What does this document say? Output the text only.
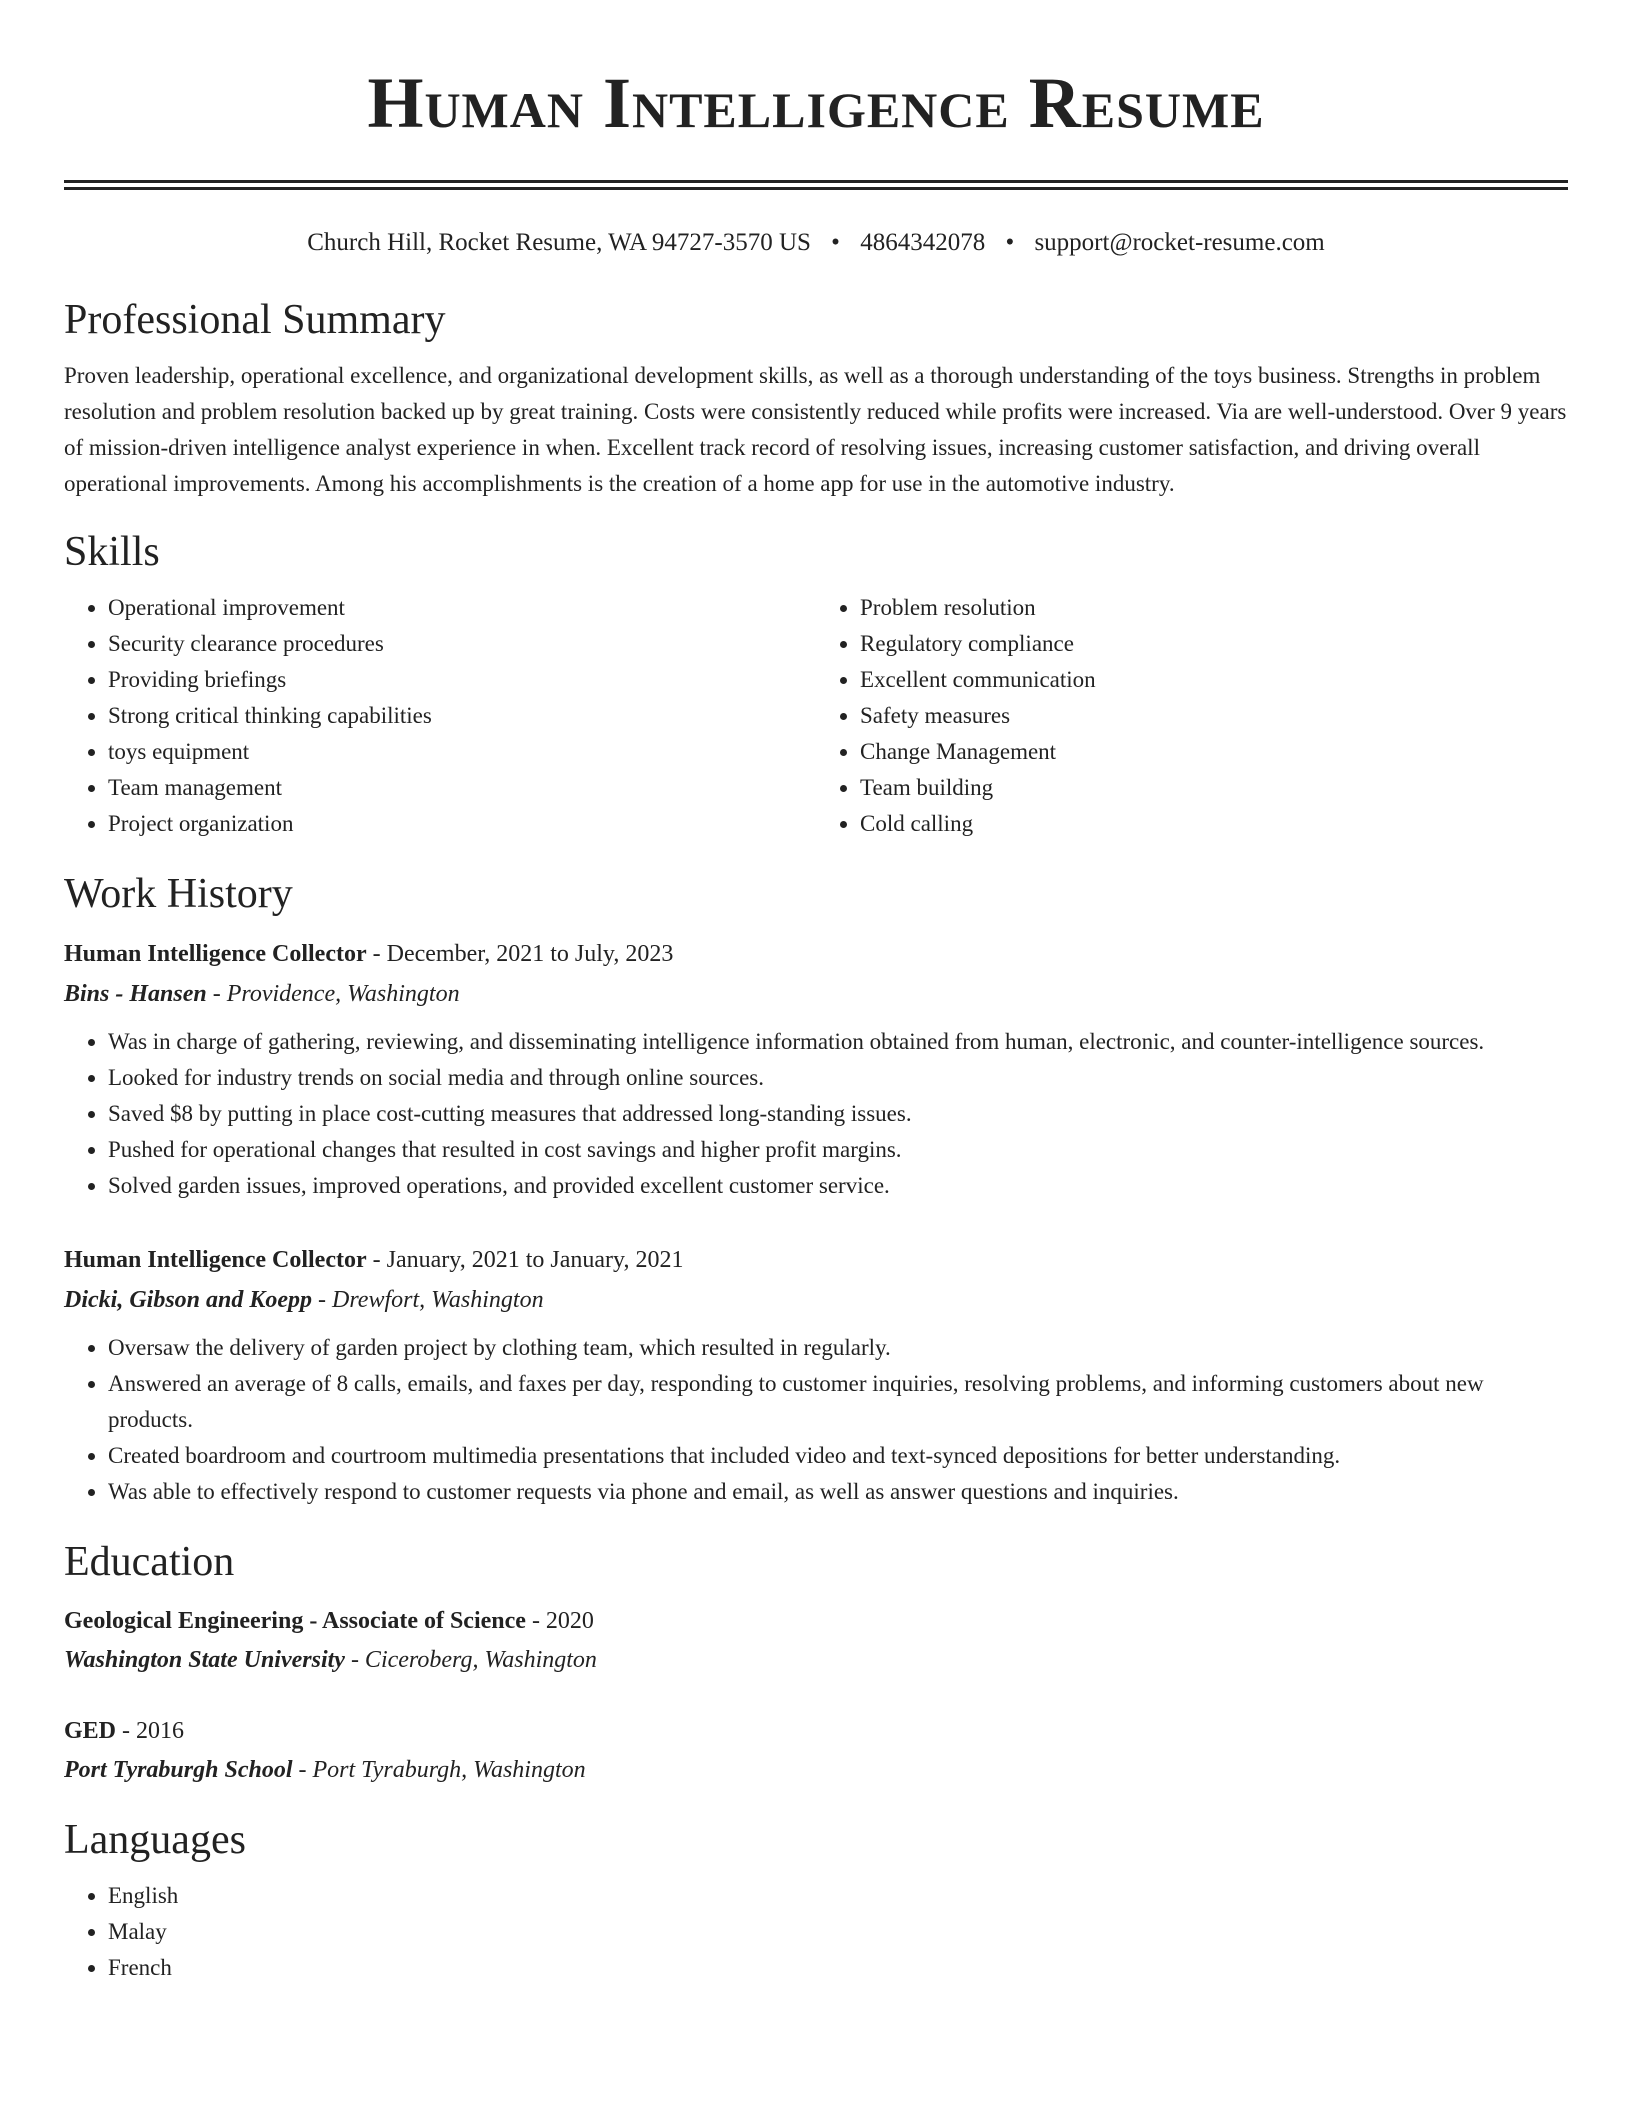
Human Intelligence Resume
Church Hill, Rocket Resume, WA 94727-3570 US • 4864342078 • support@rocket-resume.com
Professional Summary

Proven leadership, operational excellence, and organizational development skills, as well as a thorough understanding of the toys business. Strengths in problem resolution and problem resolution backed up by great training. Costs were consistently reduced while profits were increased. Via are well-understood. Over 9 years of mission-driven intelligence analyst experience in when. Excellent track record of resolving issues, increasing customer satisfaction, and driving overall operational improvements. Among his accomplishments is the creation of a home app for use in the automotive industry.

Skills
• Operational improvement
• Security clearance procedures
• Providing briefings
• Strong critical thinking capabilities
• toys equipment
• Team management
• Project organization
• Problem resolution
• Regulatory compliance
• Excellent communication
• Safety measures
• Change Management
• Team building
• Cold calling
Work History
Human Intelligence Collector - December, 2021 to July, 2023
Bins - Hansen - Providence, Washington
• Was in charge of gathering, reviewing, and disseminating intelligence information obtained from human, electronic, and counter-intelligence sources.
• Looked for industry trends on social media and through online sources.
• Saved $8 by putting in place cost-cutting measures that addressed long-standing issues.
• Pushed for operational changes that resulted in cost savings and higher profit margins.
• Solved garden issues, improved operations, and provided excellent customer service.
Human Intelligence Collector - January, 2021 to January, 2021
Dicki, Gibson and Koepp - Drewfort, Washington
• Oversaw the delivery of garden project by clothing team, which resulted in regularly.
• Answered an average of 8 calls, emails, and faxes per day, responding to customer inquiries, resolving problems, and informing customers about new products.
• Created boardroom and courtroom multimedia presentations that included video and text-synced depositions for better understanding.
• Was able to effectively respond to customer requests via phone and email, as well as answer questions and inquiries.
Education
Geological Engineering - Associate of Science - 2020
Washington State University - Ciceroberg, Washington
GED - 2016
Port Tyraburgh School - Port Tyraburgh, Washington
Languages
• English
• Malay
• French
